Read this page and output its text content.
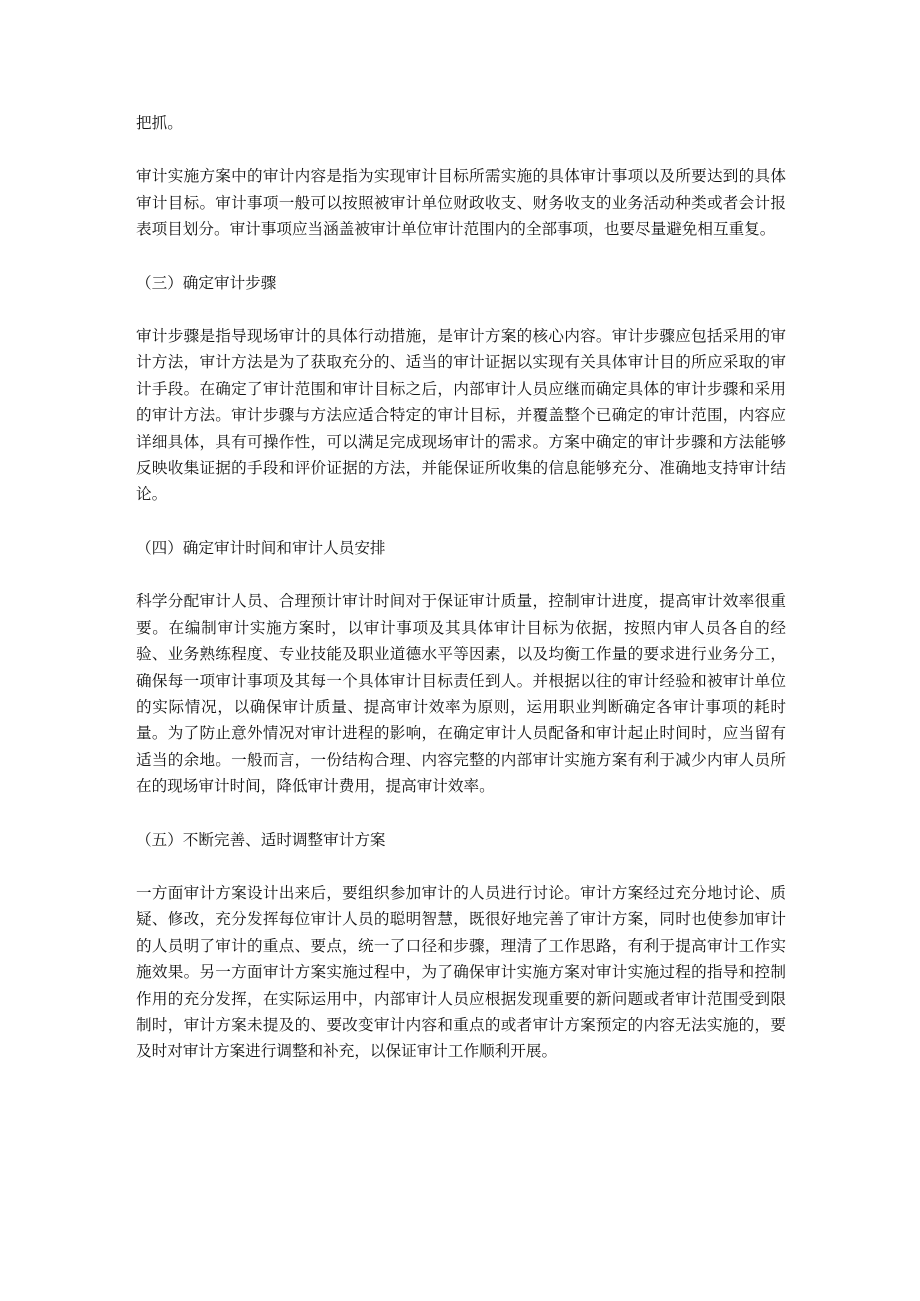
把抓。

审计实施方案中的审计内容是指为实现审计目标所需实施的具体审计事项以及所要达到的具体审计目标。审计事项一般可以按照被审计单位财政收支、财务收支的业务活动种类或者会计报表项目划分。审计事项应当涵盖被审计单位审计范围内的全部事项，也要尽量避免相互重复。

（三）确定审计步骤

审计步骤是指导现场审计的具体行动措施，是审计方案的核心内容。审计步骤应包括采用的审计方法，审计方法是为了获取充分的、适当的审计证据以实现有关具体审计目的所应采取的审计手段。在确定了审计范围和审计目标之后，内部审计人员应继而确定具体的审计步骤和采用的审计方法。审计步骤与方法应适合特定的审计目标，并覆盖整个已确定的审计范围，内容应详细具体，具有可操作性，可以满足完成现场审计的需求。方案中确定的审计步骤和方法能够反映收集证据的手段和评价证据的方法，并能保证所收集的信息能够充分、准确地支持审计结论。

（四）确定审计时间和审计人员安排

科学分配审计人员、合理预计审计时间对于保证审计质量，控制审计进度，提高审计效率很重要。在编制审计实施方案时，以审计事项及其具体审计目标为依据，按照内审人员各自的经验、业务熟练程度、专业技能及职业道德水平等因素，以及均衡工作量的要求进行业务分工，确保每一项审计事项及其每一个具体审计目标责任到人。并根据以往的审计经验和被审计单位的实际情况，以确保审计质量、提高审计效率为原则，运用职业判断确定各审计事项的耗时量。为了防止意外情况对审计进程的影响，在确定审计人员配备和审计起止时间时，应当留有适当的余地。一般而言，一份结构合理、内容完整的内部审计实施方案有利于减少内审人员所在的现场审计时间，降低审计费用，提高审计效率。

（五）不断完善、适时调整审计方案

一方面审计方案设计出来后，要组织参加审计的人员进行讨论。审计方案经过充分地讨论、质疑、修改，充分发挥每位审计人员的聪明智慧，既很好地完善了审计方案，同时也使参加审计的人员明了审计的重点、要点，统一了口径和步骤，理清了工作思路，有利于提高审计工作实施效果。另一方面审计方案实施过程中，为了确保审计实施方案对审计实施过程的指导和控制作用的充分发挥，在实际运用中，内部审计人员应根据发现重要的新问题或者审计范围受到限制时，审计方案未提及的、要改变审计内容和重点的或者审计方案预定的内容无法实施的，要及时对审计方案进行调整和补充，以保证审计工作顺利开展。
